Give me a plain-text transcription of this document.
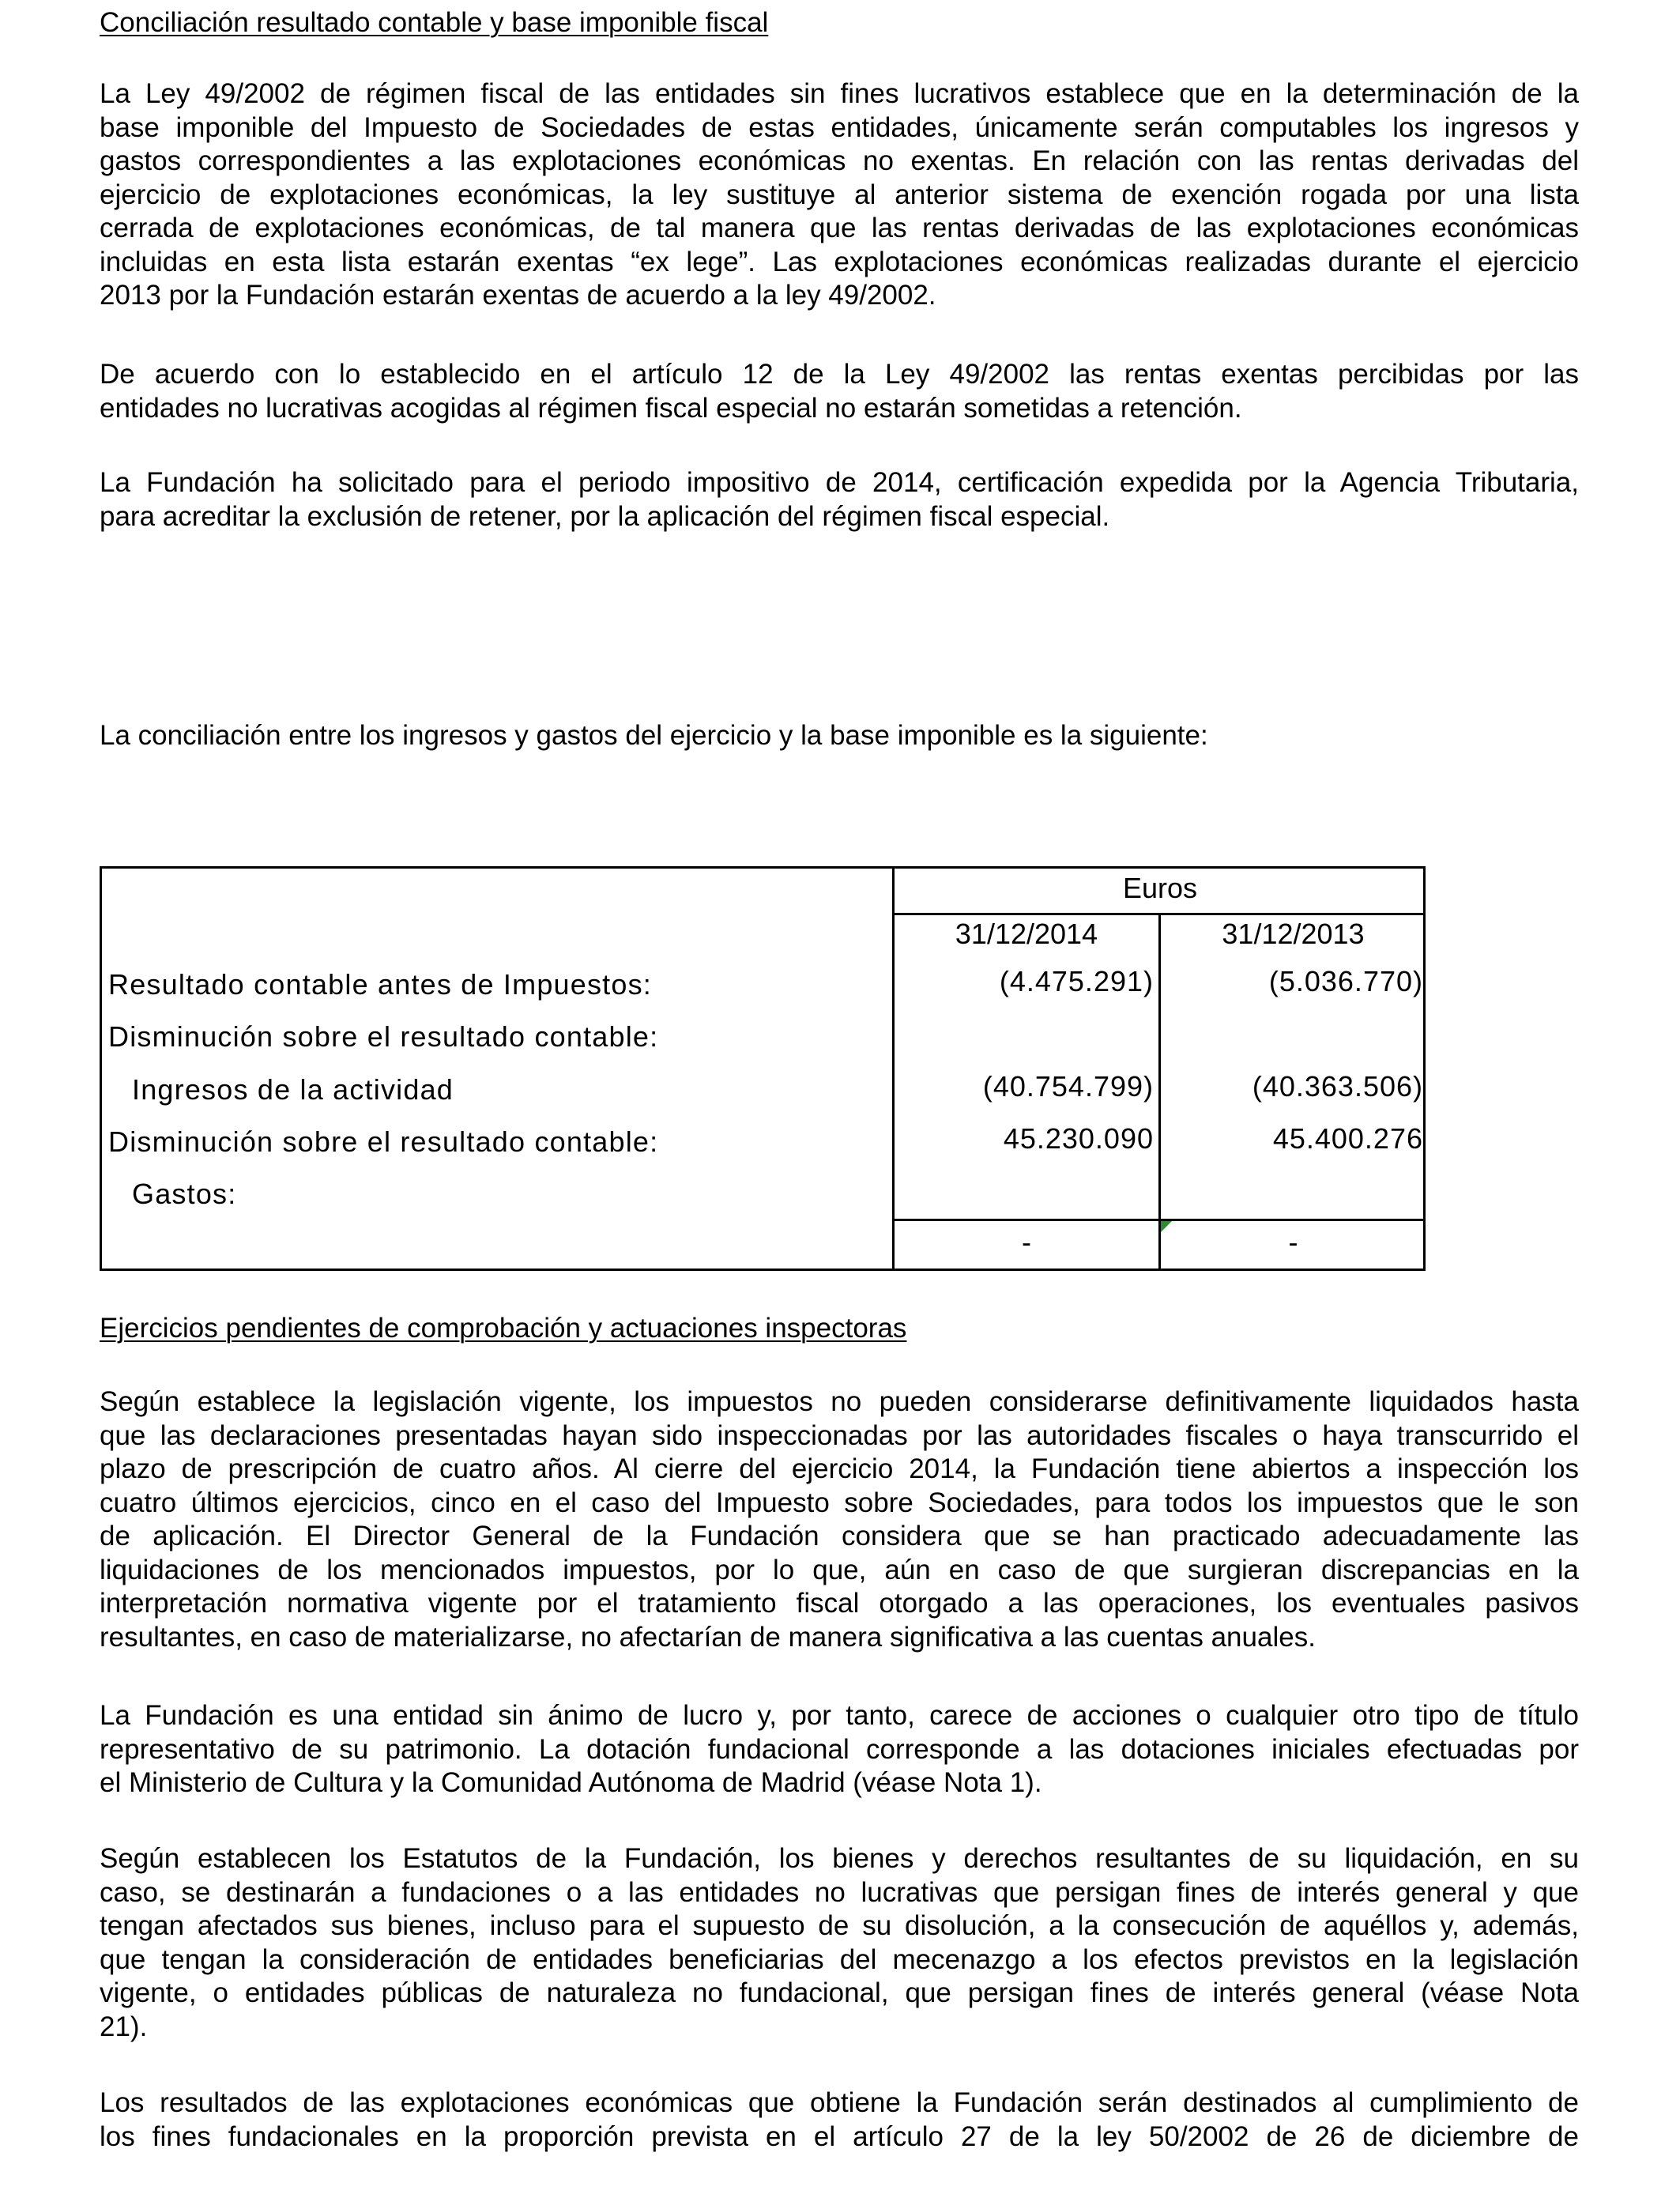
Conciliación resultado contable y base imponible fiscal
La Ley 49/2002 de régimen fiscal de las entidades sin fines lucrativos establece que en la determinación de la
base imponible del Impuesto de Sociedades de estas entidades, únicamente serán computables los ingresos y
gastos correspondientes a las explotaciones económicas no exentas. En relación con las rentas derivadas del
ejercicio de explotaciones económicas, la ley sustituye al anterior sistema de exención rogada por una lista
cerrada de explotaciones económicas, de tal manera que las rentas derivadas de las explotaciones económicas
incluidas en esta lista estarán exentas “ex lege”. Las explotaciones económicas realizadas durante el ejercicio
2013 por la Fundación estarán exentas de acuerdo a la ley 49/2002.
De acuerdo con lo establecido en el artículo 12 de la Ley 49/2002 las rentas exentas percibidas por las
entidades no lucrativas acogidas al régimen fiscal especial no estarán sometidas a retención.
La Fundación ha solicitado para el periodo impositivo de 2014, certificación expedida por la Agencia Tributaria,
para acreditar la exclusión de retener, por la aplicación del régimen fiscal especial.
La conciliación entre los ingresos y gastos del ejercicio y la base imponible es la siguiente:
Euros
31/12/2014	31/12/2013
Resultado contable antes de Impuestos:	(4.475.291)	(5.036.770)
Disminución sobre el resultado contable:
Ingresos de la actividad	(40.754.799)	(40.363.506)
Disminución sobre el resultado contable:	45.230.090	45.400.276
Gastos:
-	-
Ejercicios pendientes de comprobación y actuaciones inspectoras
Según establece la legislación vigente, los impuestos no pueden considerarse definitivamente liquidados hasta
que las declaraciones presentadas hayan sido inspeccionadas por las autoridades fiscales o haya transcurrido el
plazo de prescripción de cuatro años. Al cierre del ejercicio 2014, la Fundación tiene abiertos a inspección los
cuatro últimos ejercicios, cinco en el caso del Impuesto sobre Sociedades, para todos los impuestos que le son
de aplicación. El Director General de la Fundación considera que se han practicado adecuadamente las
liquidaciones de los mencionados impuestos, por lo que, aún en caso de que surgieran discrepancias en la
interpretación normativa vigente por el tratamiento fiscal otorgado a las operaciones, los eventuales pasivos
resultantes, en caso de materializarse, no afectarían de manera significativa a las cuentas anuales.
La Fundación es una entidad sin ánimo de lucro y, por tanto, carece de acciones o cualquier otro tipo de título
representativo de su patrimonio. La dotación fundacional corresponde a las dotaciones iniciales efectuadas por
el Ministerio de Cultura y la Comunidad Autónoma de Madrid (véase Nota 1).
Según establecen los Estatutos de la Fundación, los bienes y derechos resultantes de su liquidación, en su
caso, se destinarán a fundaciones o a las entidades no lucrativas que persigan fines de interés general y que
tengan afectados sus bienes, incluso para el supuesto de su disolución, a la consecución de aquéllos y, además,
que tengan la consideración de entidades beneficiarias del mecenazgo a los efectos previstos en la legislación
vigente, o entidades públicas de naturaleza no fundacional, que persigan fines de interés general (véase Nota
21).
Los resultados de las explotaciones económicas que obtiene la Fundación serán destinados al cumplimiento de
los fines fundacionales en la proporción prevista en el artículo 27 de la ley 50/2002 de 26 de diciembre de
